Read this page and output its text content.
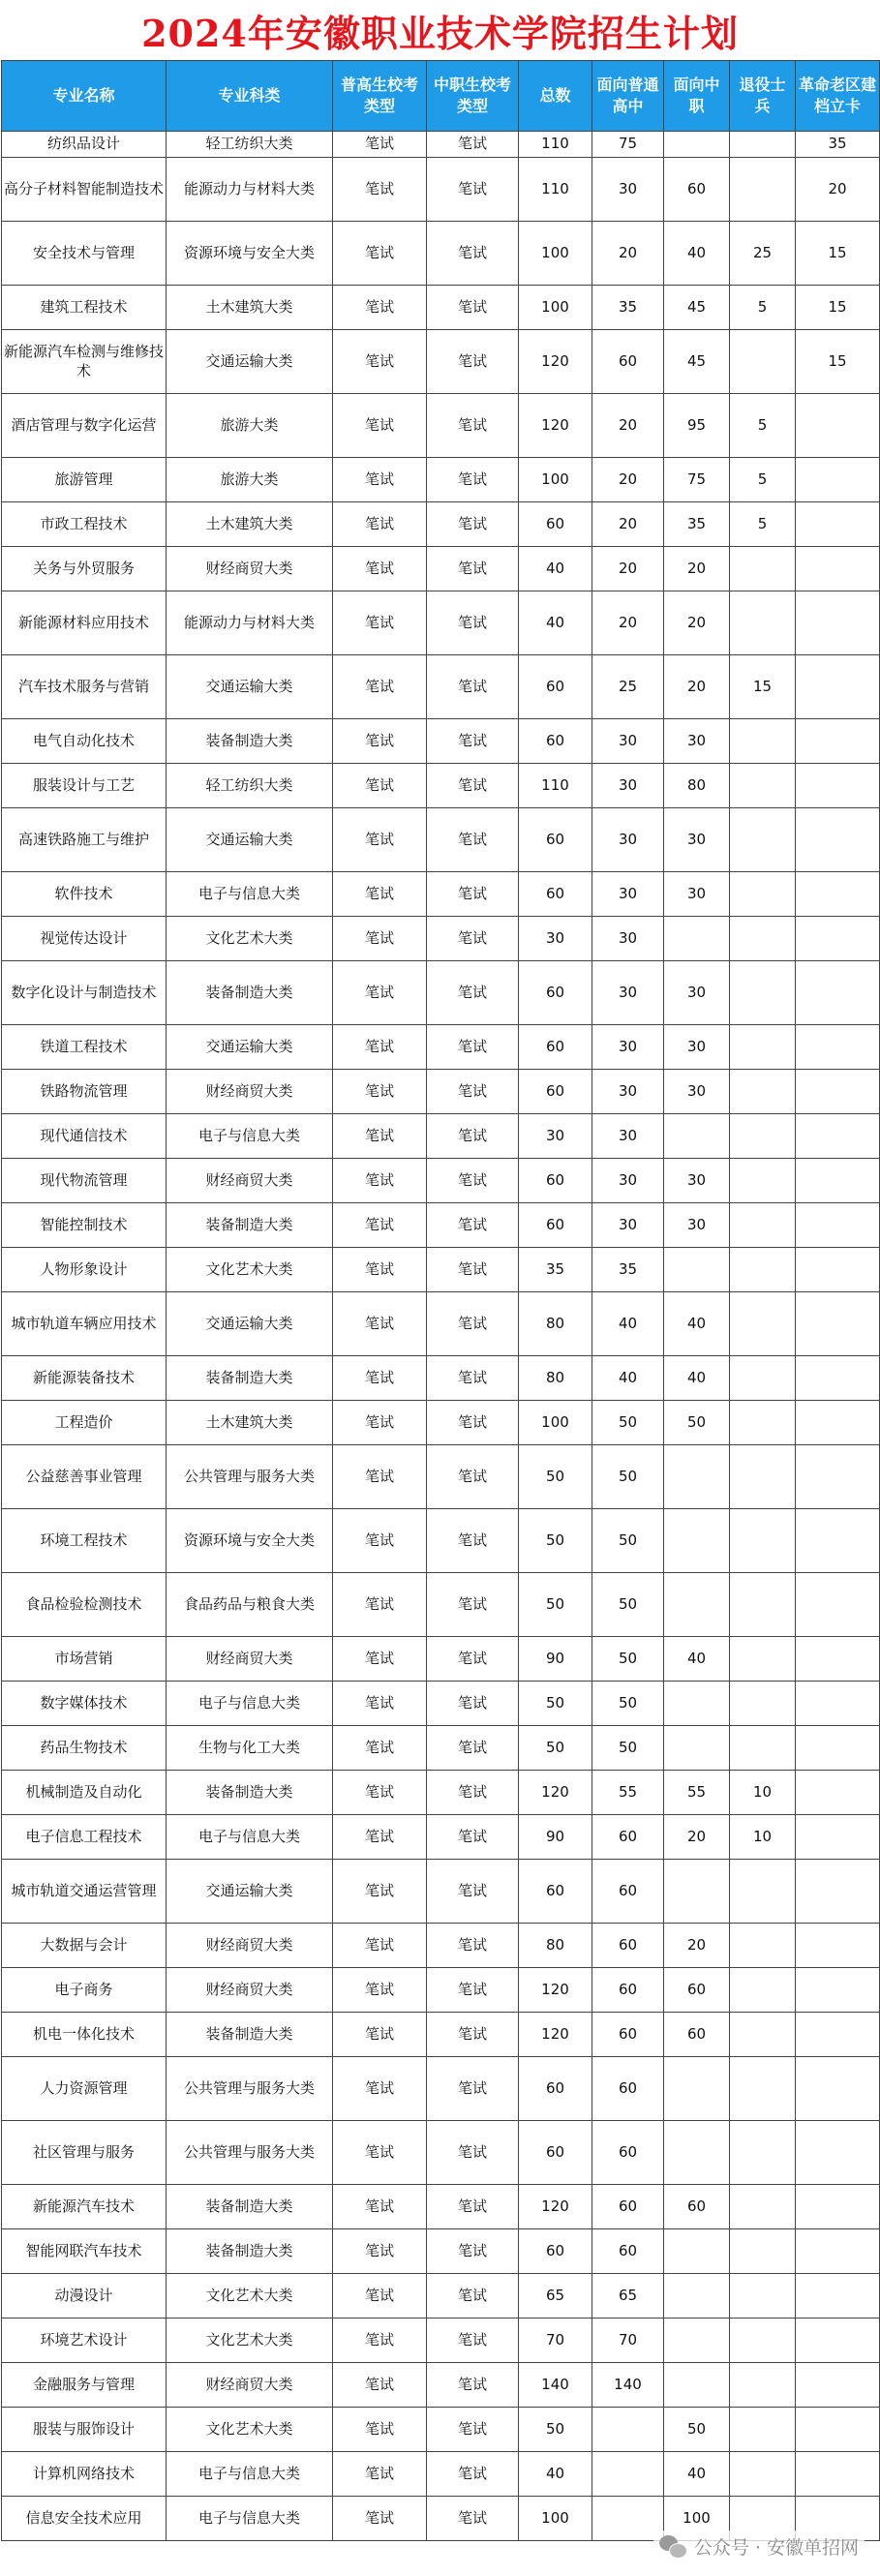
2024年安徽职业技术学院招生计划
专业名称	专业科类	普高生校考类型	中职生校考类型	总数	面向普通高中	面向中职	退役士兵	革命老区建档立卡
纺织品设计	轻工纺织大类	笔试	笔试	110	75			35
高分子材料智能制造技术	能源动力与材料大类	笔试	笔试	110	30	60		20
安全技术与管理	资源环境与安全大类	笔试	笔试	100	20	40	25	15
建筑工程技术	土木建筑大类	笔试	笔试	100	35	45	5	15
新能源汽车检测与维修技术	交通运输大类	笔试	笔试	120	60	45		15
酒店管理与数字化运营	旅游大类	笔试	笔试	120	20	95	5	
旅游管理	旅游大类	笔试	笔试	100	20	75	5	
市政工程技术	土木建筑大类	笔试	笔试	60	20	35	5	
关务与外贸服务	财经商贸大类	笔试	笔试	40	20	20		
新能源材料应用技术	能源动力与材料大类	笔试	笔试	40	20	20		
汽车技术服务与营销	交通运输大类	笔试	笔试	60	25	20	15	
电气自动化技术	装备制造大类	笔试	笔试	60	30	30		
服装设计与工艺	轻工纺织大类	笔试	笔试	110	30	80		
高速铁路施工与维护	交通运输大类	笔试	笔试	60	30	30		
软件技术	电子与信息大类	笔试	笔试	60	30	30		
视觉传达设计	文化艺术大类	笔试	笔试	30	30			
数字化设计与制造技术	装备制造大类	笔试	笔试	60	30	30		
铁道工程技术	交通运输大类	笔试	笔试	60	30	30		
铁路物流管理	财经商贸大类	笔试	笔试	60	30	30		
现代通信技术	电子与信息大类	笔试	笔试	30	30			
现代物流管理	财经商贸大类	笔试	笔试	60	30	30		
智能控制技术	装备制造大类	笔试	笔试	60	30	30		
人物形象设计	文化艺术大类	笔试	笔试	35	35			
城市轨道车辆应用技术	交通运输大类	笔试	笔试	80	40	40		
新能源装备技术	装备制造大类	笔试	笔试	80	40	40		
工程造价	土木建筑大类	笔试	笔试	100	50	50		
公益慈善事业管理	公共管理与服务大类	笔试	笔试	50	50			
环境工程技术	资源环境与安全大类	笔试	笔试	50	50			
食品检验检测技术	食品药品与粮食大类	笔试	笔试	50	50			
市场营销	财经商贸大类	笔试	笔试	90	50	40		
数字媒体技术	电子与信息大类	笔试	笔试	50	50			
药品生物技术	生物与化工大类	笔试	笔试	50	50			
机械制造及自动化	装备制造大类	笔试	笔试	120	55	55	10	
电子信息工程技术	电子与信息大类	笔试	笔试	90	60	20	10	
城市轨道交通运营管理	交通运输大类	笔试	笔试	60	60			
大数据与会计	财经商贸大类	笔试	笔试	80	60	20		
电子商务	财经商贸大类	笔试	笔试	120	60	60		
机电一体化技术	装备制造大类	笔试	笔试	120	60	60		
人力资源管理	公共管理与服务大类	笔试	笔试	60	60			
社区管理与服务	公共管理与服务大类	笔试	笔试	60	60			
新能源汽车技术	装备制造大类	笔试	笔试	120	60	60		
智能网联汽车技术	装备制造大类	笔试	笔试	60	60			
动漫设计	文化艺术大类	笔试	笔试	65	65			
环境艺术设计	文化艺术大类	笔试	笔试	70	70			
金融服务与管理	财经商贸大类	笔试	笔试	140	140			
服装与服饰设计	文化艺术大类	笔试	笔试	50		50		
计算机网络技术	电子与信息大类	笔试	笔试	40		40		
信息安全技术应用	电子与信息大类	笔试	笔试	100		100		
公众号 · 安徽单招网
